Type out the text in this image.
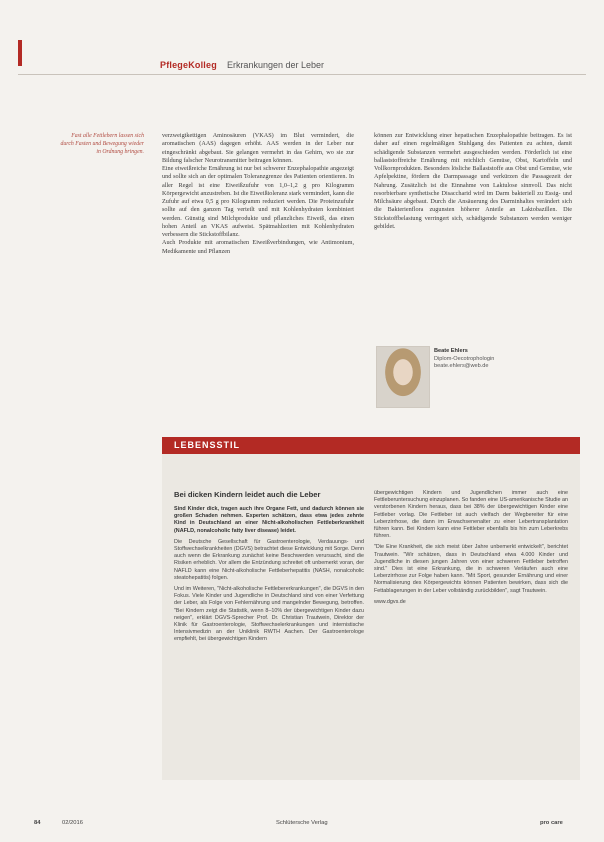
PflegeKolleg Erkrankungen der Leber
Fast alle Fettlebern lassen sich durch Fasten und Bewegung wieder in Ordnung bringen.

verzweigtkettigen Aminosäuren (VKAS) im Blut vermindert, die aromatischen (AAS) dagegen erhöht. AAS werden in der Leber nur eingeschränkt abgebaut. Sie gelangen vermehrt in das Gehirn, wo sie zur Bildung falscher Neurotransmitter beitragen können.

Eine eiweißreiche Ernährung ist nur bei schwerer Enzephalopathie angezeigt und sollte sich an der optimalen Toleranzgrenze des Patienten orientieren. In aller Regel ist eine Eiweißzufuhr von 1,0–1,2 g pro Kilogramm Körpergewicht anzustreben. Ist die Eiweißtoleranz stark vermindert, kann die Zufuhr auf etwa 0,5 g pro Kilogramm reduziert werden. Die Proteinzufuhr sollte auf den ganzen Tag verteilt und mit Kohlenhydraten kombiniert werden. Günstig sind Milchprodukte und pflanzliches Eiweiß, das einen hohen Anteil an VKAS aufweist. Spätmahlzeiten mit Kohlenhydraten verbessern die Stickstoffbilanz.

Auch Produkte mit aromatischen Eiweißverbindungen, wie Antimonium, Medikamente und Pflanzen

können zur Entwicklung einer hepatischen Enzephalopathie beitragen. Es ist daher auf einen regelmäßigen Stuhlgang des Patienten zu achten, damit schädigende Substanzen vermehrt ausgeschieden werden. Förderlich ist eine ballaststoffreiche Ernährung mit reichlich Gemüse, Obst, Kartoffeln und Vollkornprodukten. Besonders lösliche Ballaststoffe aus Obst und Gemüse, wie Apfelpektine, fördern die Darmpassage und verkürzen die Passagezeit der Nahrung. Zusätzlich ist die Einnahme von Laktulose sinnvoll. Das nicht resorbierbare synthetische Disaccharid wird im Darm bakteriell zu Essig- und Milchsäure abgebaut. Durch die Ansäuerung des Darminhaltes verändert sich die Bakterienflora zugunsten höherer Anteile an Laktobazillen. Die Stickstoffbelastung verringert sich, schädigende Substanzen werden weniger gebildet.

Beate Ehlers
Diplom-Oecotrophologin
beate.ehlers@web.de
LEBENSSTIL
Bei dicken Kindern leidet auch die Leber

Sind Kinder dick, tragen auch ihre Organe Fett, und dadurch können sie großen Schaden nehmen. Experten schätzen, dass etwa jedes zehnte Kind in Deutschland an einer Nicht-alkoholischen Fettleberkrankheit (NAFLD, nonalcoholic fatty liver disease) leidet.

Die Deutsche Gesellschaft für Gastroenterologie, Verdauungs- und Stoffwechselkrankheiten (DGVS) betrachtet diese Entwicklung mit Sorge. Denn auch wenn die Erkrankung zunächst keine Beschwerden verursacht, sind die Risiken erheblich. Vor allem die Entzündung schreitet oft unbemerkt voran, der NAFLD kann eine Nicht-alkoholische Fettleberhepatitis (NASH, nonalcoholic steatohepatitis) folgen.

Und im Weiteren, "Nicht-alkoholische Fettlebererkrankungen", die DGVS in den Fokus. Viele Kinder und Jugendliche in Deutschland sind von einer Verfettung der Leber, als Folge von Fehlernährung und mangelnder Bewegung, betroffen. "Bei Kindern zeigt die Statistik, wenn 8–10% der übergewichtigen Kinder dazu neigen", erklärt DGVS-Sprecher Prof. Dr. Christian Trautwein, Direktor der Klinik für Gastroenterologie, Stoffwechselerkrankungen und internistische Intensivmedizin an der Uniklinik RWTH Aachen. Der Gastroenterologe empfiehlt, bei übergewichtigen Kindern

übergewichtigen Kindern und Jugendlichen immer auch eine Fettleberuntersuchung einzuplanen. So fanden eine US-amerikanische Studie an verstorbenen Kindern heraus, dass bei 38% der übergewichtigen Kinder eine Fettleber vorlag. Die Fettleber ist auch vielfach der Wegbereiter für eine Leberzirrhose, die dann im Erwachsenenalter zu einer Lebertransplantation führen kann. Bei Kindern kann eine Fettleber ebenfalls bis hin zum Leberkrebs führen.

"Die Eine Krankheit, die sich meist über Jahre unbemerkt entwickelt", berichtet Trautwein. "Wir schätzen, dass in Deutschland etwa 4.000 Kinder und Jugendliche in diesen jungen Jahren von einer schweren Fettleber betroffen sind." Dies ist eine Erkrankung, die in schweren Verläufen auch eine Leberzirrhose zur Folge haben kann. "Mit Sport, gesunder Ernährung und einer Normalisierung des Körpergewichts können Patienten bewirken, dass sich die Fettablagerungen in der Leber vollständig zurückbilden", sagt Trautwein.

www.dgvs.de

84	02/2016	Schlütersche Verlag	pro care
